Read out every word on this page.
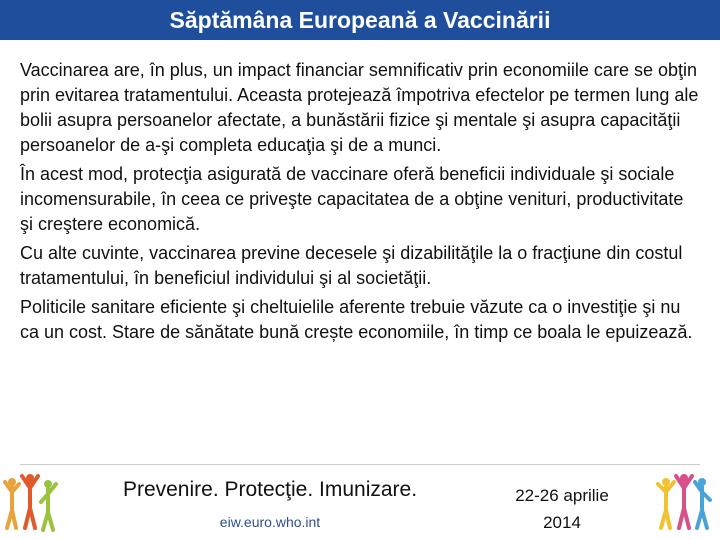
Săptămâna Europeană a Vaccinării

Vaccinarea are, în plus, un impact financiar semnificativ prin economiile care se obţin prin evitarea tratamentului. Aceasta protejează împotriva efectelor pe termen lung ale bolii asupra persoanelor afectate, a bunăstării fizice şi mentale şi asupra capacităţii persoanelor de a-şi completa educaţia şi de a munci.

În acest mod, protecţia asigurată de vaccinare oferă beneficii individuale şi sociale incomensurabile, în ceea ce priveşte capacitatea de a obţine venituri, productivitate şi creştere economică.

Cu alte cuvinte, vaccinarea previne decesele şi dizabilităţile la o fracţiune din costul tratamentului, în beneficiul individului şi al societăţii.

Politicile sanitare eficiente şi cheltuielile aferente trebuie văzute ca o investiţie şi nu ca un cost. Stare de sănătate bună crește economiile, în timp ce boala le epuizează.

Prevenire. Protecţie. Imunizare.
eiw.euro.who.int
22-26 aprilie
2014
